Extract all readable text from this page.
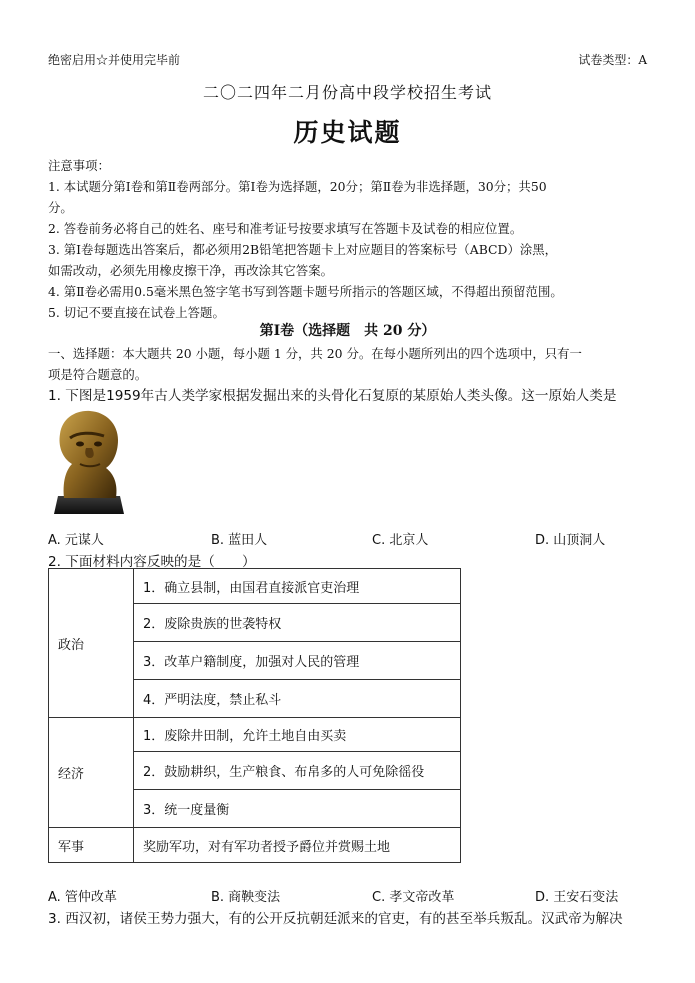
绝密启用☆并使用完毕前	试卷类型：A
二〇二四年二月份高中段学校招生考试
历史试题
注意事项：
1. 本试题分第Ⅰ卷和第Ⅱ卷两部分。第Ⅰ卷为选择题，20分；第Ⅱ卷为非选择题，30分；共50
分。
2. 答卷前务必将自己的姓名、座号和准考证号按要求填写在答题卡及试卷的相应位置。
3. 第Ⅰ卷每题选出答案后，都必须用2B铅笔把答题卡上对应题目的答案标号（ABCD）涂黑，
如需改动，必须先用橡皮擦干净，再改涂其它答案。
4. 第Ⅱ卷必需用0.5毫米黑色签字笔书写到答题卡题号所指示的答题区域，不得超出预留范围。
5. 切记不要直接在试卷上答题。
第Ⅰ卷（选择题　共 20 分）
一、选择题：本大题共 20 小题，每小题 1 分，共 20 分。在每小题所列出的四个选项中，只有一
项是符合题意的。
1. 下图是1959年古人类学家根据发掘出来的头骨化石复原的某原始人类头像。这一原始人类是
A. 元谋人	B. 蓝田人	C. 北京人	D. 山顶洞人
2. 下面材料内容反映的是（　　）
政治	1．确立县制，由国君直接派官吏治理
	2．废除贵族的世袭特权
	3．改革户籍制度，加强对人民的管理
	4．严明法度，禁止私斗
经济	1．废除井田制，允许土地自由买卖
	2．鼓励耕织，生产粮食、布帛多的人可免除徭役
	3．统一度量衡
军事	奖励军功，对有军功者授予爵位并赏赐土地
A. 管仲改革	B. 商鞅变法	C. 孝文帝改革	D. 王安石变法
3. 西汉初，诸侯王势力强大，有的公开反抗朝廷派来的官吏，有的甚至举兵叛乱。汉武帝为解决
